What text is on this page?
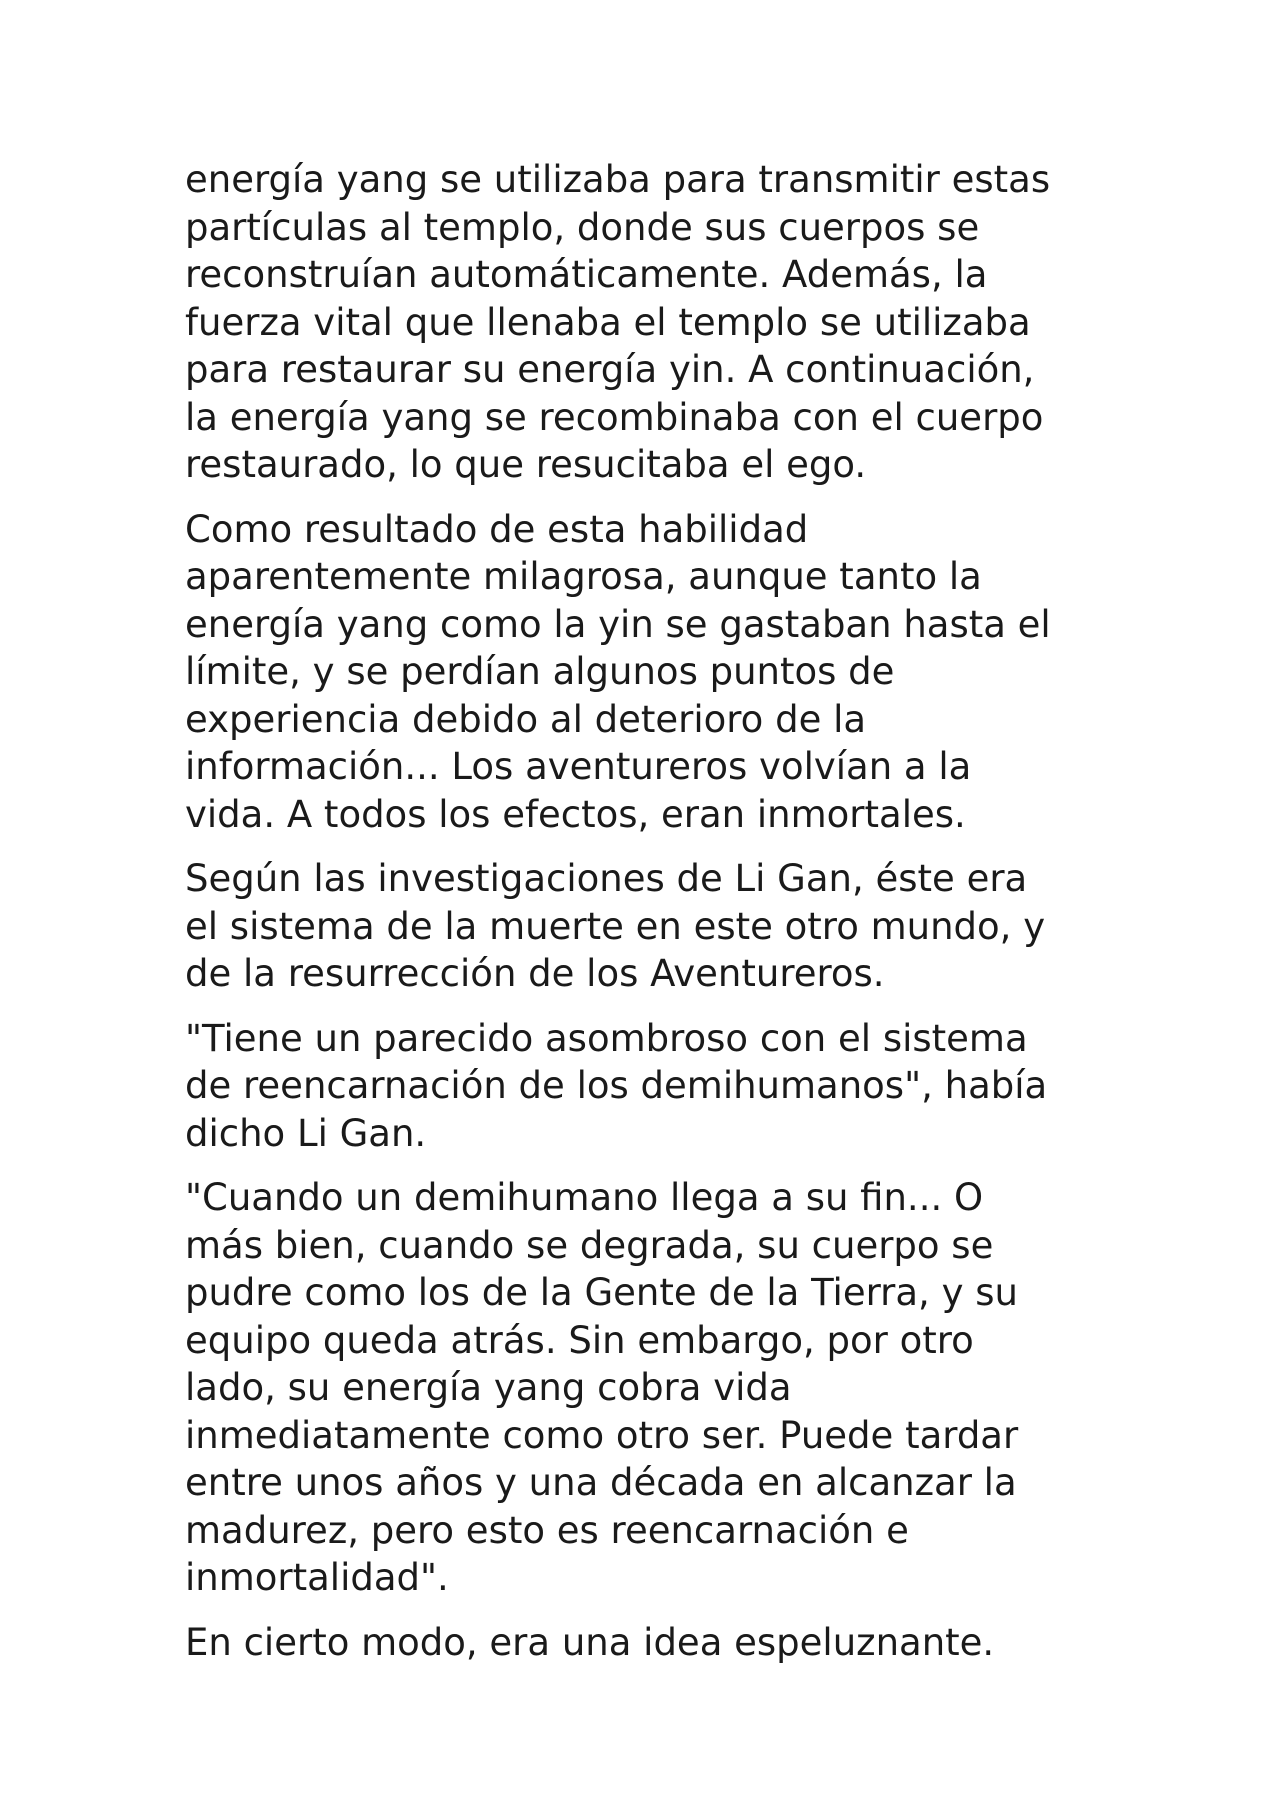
energía yang se utilizaba para transmitir estas
partículas al templo, donde sus cuerpos se
reconstruían automáticamente. Además, la
fuerza vital que llenaba el templo se utilizaba
para restaurar su energía yin. A continuación,
la energía yang se recombinaba con el cuerpo
restaurado, lo que resucitaba el ego.

Como resultado de esta habilidad
aparentemente milagrosa, aunque tanto la
energía yang como la yin se gastaban hasta el
límite, y se perdían algunos puntos de
experiencia debido al deterioro de la
información... Los aventureros volvían a la
vida. A todos los efectos, eran inmortales.

Según las investigaciones de Li Gan, éste era
el sistema de la muerte en este otro mundo, y
de la resurrección de los Aventureros.

"Tiene un parecido asombroso con el sistema
de reencarnación de los demihumanos", había
dicho Li Gan.

"Cuando un demihumano llega a su fin... O
más bien, cuando se degrada, su cuerpo se
pudre como los de la Gente de la Tierra, y su
equipo queda atrás. Sin embargo, por otro
lado, su energía yang cobra vida
inmediatamente como otro ser. Puede tardar
entre unos años y una década en alcanzar la
madurez, pero esto es reencarnación e
inmortalidad".

En cierto modo, era una idea espeluznante.
